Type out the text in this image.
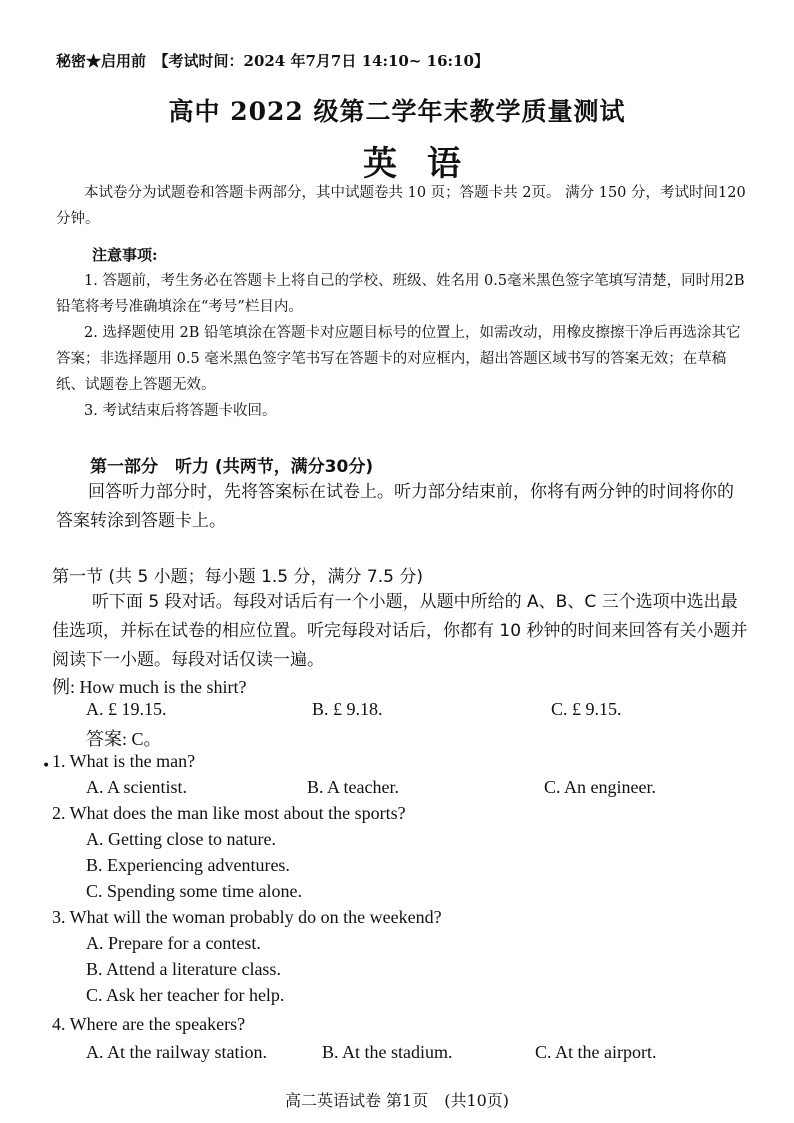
秘密★启用前　【考试时间：2024 年7月7日 14:10~ 16:10】
高中 2022 级第二学年末教学质量测试
英语
本试卷分为试题卷和答题卡两部分，其中试题卷共 10 页；答题卡共 2页。 满分 150 分，考试时间120 分钟。
注意事项:
1. 答题前，考生务必在答题卡上将自己的学校、班级、姓名用 0.5毫米黑色签字笔填写清楚，同时用2B 铅笔将考号准确填涂在“考号”栏目内。
2. 选择题使用 2B 铅笔填涂在答题卡对应题目标号的位置上，如需改动，用橡皮擦擦干净后再选涂其它答案；非选择题用 0.5 毫米黑色签字笔书写在答题卡的对应框内，超出答题区域书写的答案无效；在草稿纸、试题卷上答题无效。
3. 考试结束后将答题卡收回。
第一部分　听力 (共两节，满分30分)
回答听力部分时，先将答案标在试卷上。听力部分结束前，你将有两分钟的时间将你的答案转涂到答题卡上。
第一节 (共 5 小题；每小题 1.5 分，满分 7.5 分)
听下面 5 段对话。每段对话后有一个小题，从题中所给的 A、B、C 三个选项中选出最佳选项，并标在试卷的相应位置。听完每段对话后，你都有 10 秒钟的时间来回答有关小题并阅读下一小题。每段对话仅读一遍。
例: How much is the shirt?
A. £ 19.15.	B. £ 9.18.	C. £ 9.15.
答案: C。
• 1. What is the man?
A. A scientist.	B. A teacher.	C. An engineer.
2. What does the man like most about the sports?
A. Getting close to nature.
B. Experiencing adventures.
C. Spending some time alone.
3. What will the woman probably do on the weekend?
A. Prepare for a contest.
B. Attend a literature class.
C. Ask her teacher for help.
4. Where are the speakers?
A. At the railway station.	B. At the stadium.	C. At the airport.
高二英语试卷 第1页　(共10页)
